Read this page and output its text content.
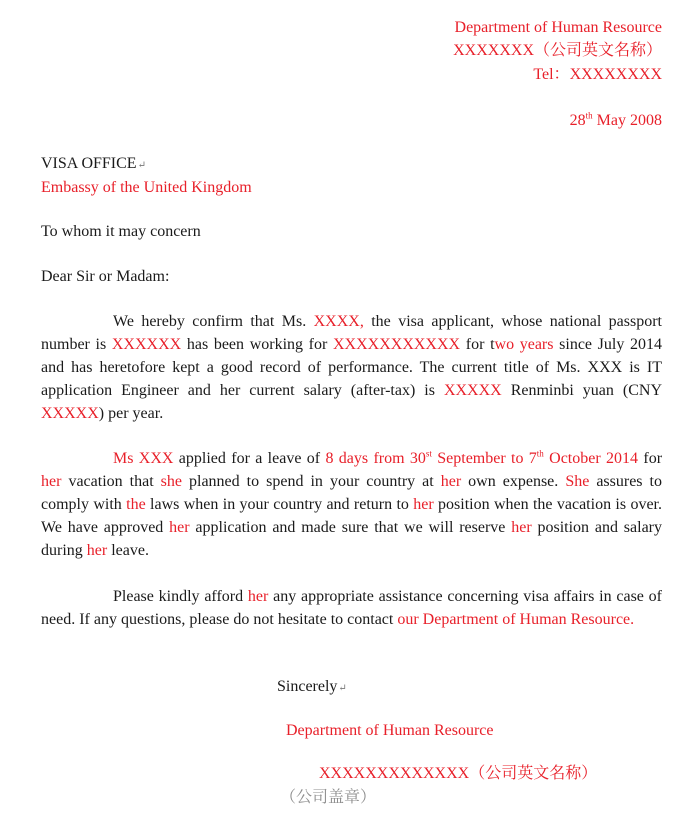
Department of Human Resource
XXXXXXX（公司英文名称）
Tel：XXXXXXXX
28th May 2008
VISA OFFICE↵
Embassy of the United Kingdom
To whom it may concern
Dear Sir or Madam:

We hereby confirm that Ms. XXXX, the visa applicant, whose national passport number is XXXXXX has been working for XXXXXXXXXXX for two years since July 2014 and has heretofore kept a good record of performance. The current title of Ms. XXX is IT application Engineer and her current salary (after-tax) is XXXXX Renminbi yuan (CNY XXXXX) per year.

Ms XXX applied for a leave of 8 days from 30st September to 7th October 2014 for her vacation that she planned to spend in your country at her own expense. She assures to comply with the laws when in your country and return to her position when the vacation is over. We have approved her application and made sure that we will reserve her position and salary during her leave.

Please kindly afford her any appropriate assistance concerning visa affairs in case of need. If any questions, please do not hesitate to contact our Department of Human Resource.

Sincerely↵
Department of Human Resource
XXXXXXXXXXXXX（公司英文名称）
（公司盖章）
